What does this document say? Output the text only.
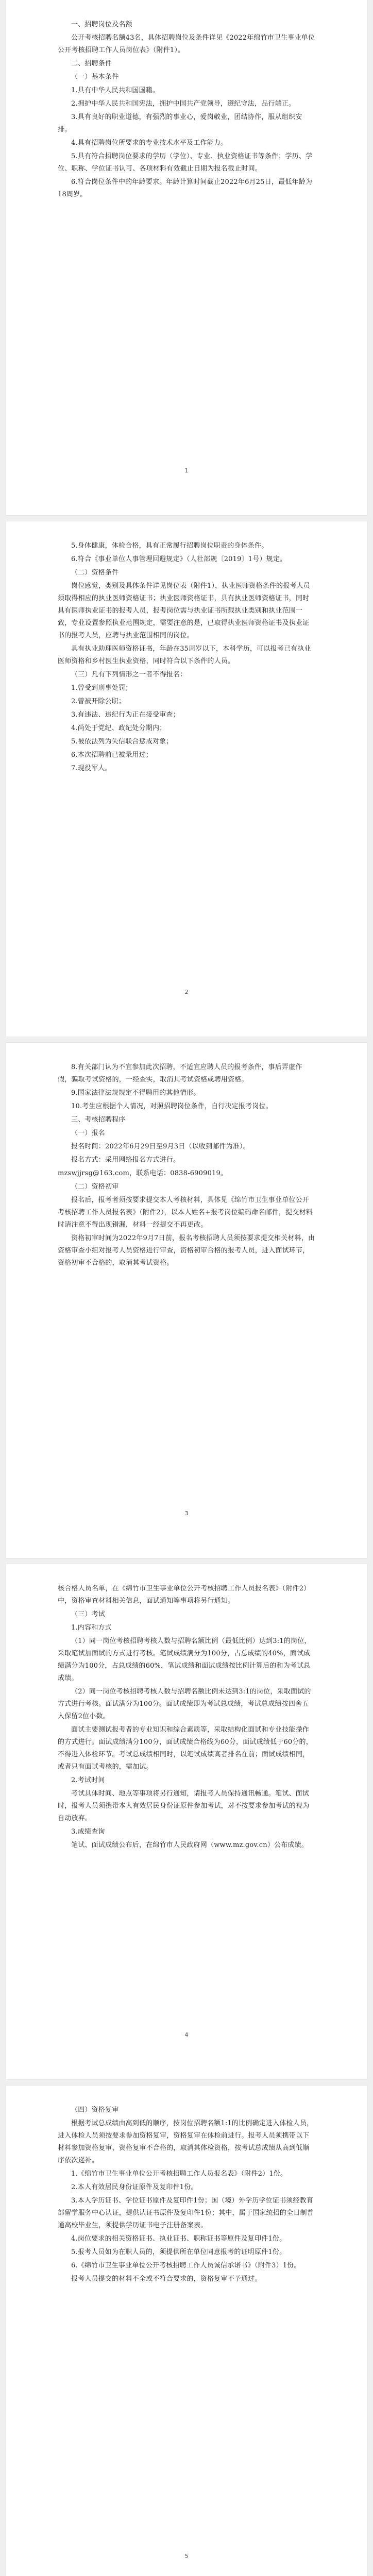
一、招聘岗位及名额

公开考核招聘名额43名，具体招聘岗位及条件详见《2022年绵竹市卫生事业单位公开考核招聘工作人员岗位表》（附件1）。

二、招聘条件

（一）基本条件

1.具有中华人民共和国国籍。

2.拥护中华人民共和国宪法，拥护中国共产党领导，遵纪守法，品行端正。

3.具有良好的职业道德，有强烈的事业心，爱岗敬业，团结协作，服从组织安排。

4.具有招聘岗位所要求的专业技术水平及工作能力。

5.具有符合招聘岗位要求的学历（学位）、专业、执业资格证书等条件；学历、学位、职称、学位证书认可、各项材料有效截止日期为报名截止时间。

6.符合岗位条件中的年龄要求。年龄计算时间截止2022年6月25日，最低年龄为18周岁。

1

5.身体健康，体检合格，具有正常履行招聘岗位职责的身体条件。

6.符合《事业单位人事管理回避规定》（人社部规〔2019〕1号）规定。

（二）资格条件

岗位感觉，类别及具体条件详见岗位表（附件1），执业医师资格条件的报考人员须取得相应的执业医师资格证书；执业医师资格证书，具有执业医师资格证书，同时具有医师执业证书的报考人员，报考岗位需与执业证书所载执业类别和执业范围一致，专业设置参照执业范围规定，需要注意的是，已取得执业医师资格证书及执业证书的报考人员，应聘与执业范围相同的岗位。

具有执业助理医师资格证书，年龄在35周岁以下，本科学历，可以报考已有执业医师资格和乡村医生执业资格，同时符合以下条件的人员。

（三）凡有下列情形之一者不得报名：

1.曾受到刑事处罚；

2.曾被开除公职；

3.有违法、违纪行为正在接受审查；

4.尚处于党纪、政纪处分期内；

5.被依法列为失信联合惩戒对象；

6.本次招聘前已被录用过；

7.现役军人。

2

8.有关部门认为不宜参加此次招聘，不适宜应聘人员的报考条件，事后弄虚作假，骗取考试资格的，一经查实，取消其考试资格或聘用资格。

9.国家法律法规规定不得聘用的其他情形。

10.考生应根据个人情况，对照招聘岗位条件，自行决定报考岗位。

三、考核招聘程序

（一）报名

报名时间：2022年6月29日至9月3日（以收到邮件为准）。

报名方式：采用网络报名方式进行。

mzswjjrsg@163.com，联系电话：0838-6909019。

（二）资格初审

报名后，报考者须按要求提交本人考核材料，具体见《绵竹市卫生事业单位公开考核招聘工作人员报名表》（附件2），以本人姓名+报考岗位编码命名邮件，提交材料时请注意不得出现错漏，材料一经提交不再更改。

资格初审时间为2022年9月7日前，报名考核招聘人员须按要求提交相关材料，由资格审查小组对报考人员资格进行审查，资格初审合格的报考人员，进入面试环节，资格初审不合格的，取消其考试资格。

3

核合格人员名单，在《绵竹市卫生事业单位公开考核招聘工作人员报名表》（附件2）中，资格审查材料相关信息，面试通知等事项将另行通知。

（三）考试

1.内容和方式

（1）同一岗位考核招聘考核人数与招聘名额比例（最低比例）达到3:1的岗位，采取笔试加面试的方式进行考核。笔试成绩满分为100分，占总成绩的40%，面试成绩满分为100分，占总成绩的60%，笔试成绩和面试成绩按比例计算后的和为考试总成绩。

（2）同一岗位考核招聘考核人数与招聘名额比例未达到3:1的岗位，采取面试的方式进行考核。面试满分为100分。面试成绩即为考试总成绩，考试总成绩按四舍五入保留2位小数。

面试主要测试报考者的专业知识和综合素质等，采取结构化面试和专业技能操作的方式进行。面试成绩满分100分，面试成绩合格线为60分，面试成绩低于60分的，不得进入体检环节。考试总成绩相同时，以笔试成绩高者排名在前；面试成绩相同，或者只有面试考核的，需加试。

2.考试时间

考试具体时间、地点等事项将另行通知，请报考人员保持通讯畅通。笔试、面试时，报考人员须携带本人有效居民身份证原件参加考试，对不按要求参加考试的视为自动放弃。

3.成绩查询

笔试、面试成绩公布后，在绵竹市人民政府网（www.mz.gov.cn）公布成绩。

4

（四）资格复审

根据考试总成绩由高到低的顺序，按岗位招聘名额1:1的比例确定进入体检人员，进入体检人员须按要求参加资格复审，资格复审在体检前进行。报考人员须携带以下材料参加资格复审，资格复审不合格的，取消其体检资格，按考试总成绩从高到低顺序依次递补。

1.《绵竹市卫生事业单位公开考核招聘工作人员报名表》（附件2）1份。

2.本人有效居民身份证原件及复印件1份。

3.本人学历证书、学位证书原件及复印件1份；国（境）外学历学位证书须经教育部留学服务中心认证，提供认证书原件及复印件1份；其中，属于国家统招的全日制普通高校毕业生，须提供学历证书电子注册备案表。

4.岗位要求的相关资格证书、执业证书、职称证书等原件及复印件1份。

5.报考人员如为在职人员的，须提供所在单位同意报考的证明原件1份。

6.《绵竹市卫生事业单位公开考核招聘工作人员诚信承诺书》（附件3）1份。

报考人员提交的材料不全或不符合要求的，资格复审不予通过。

5
